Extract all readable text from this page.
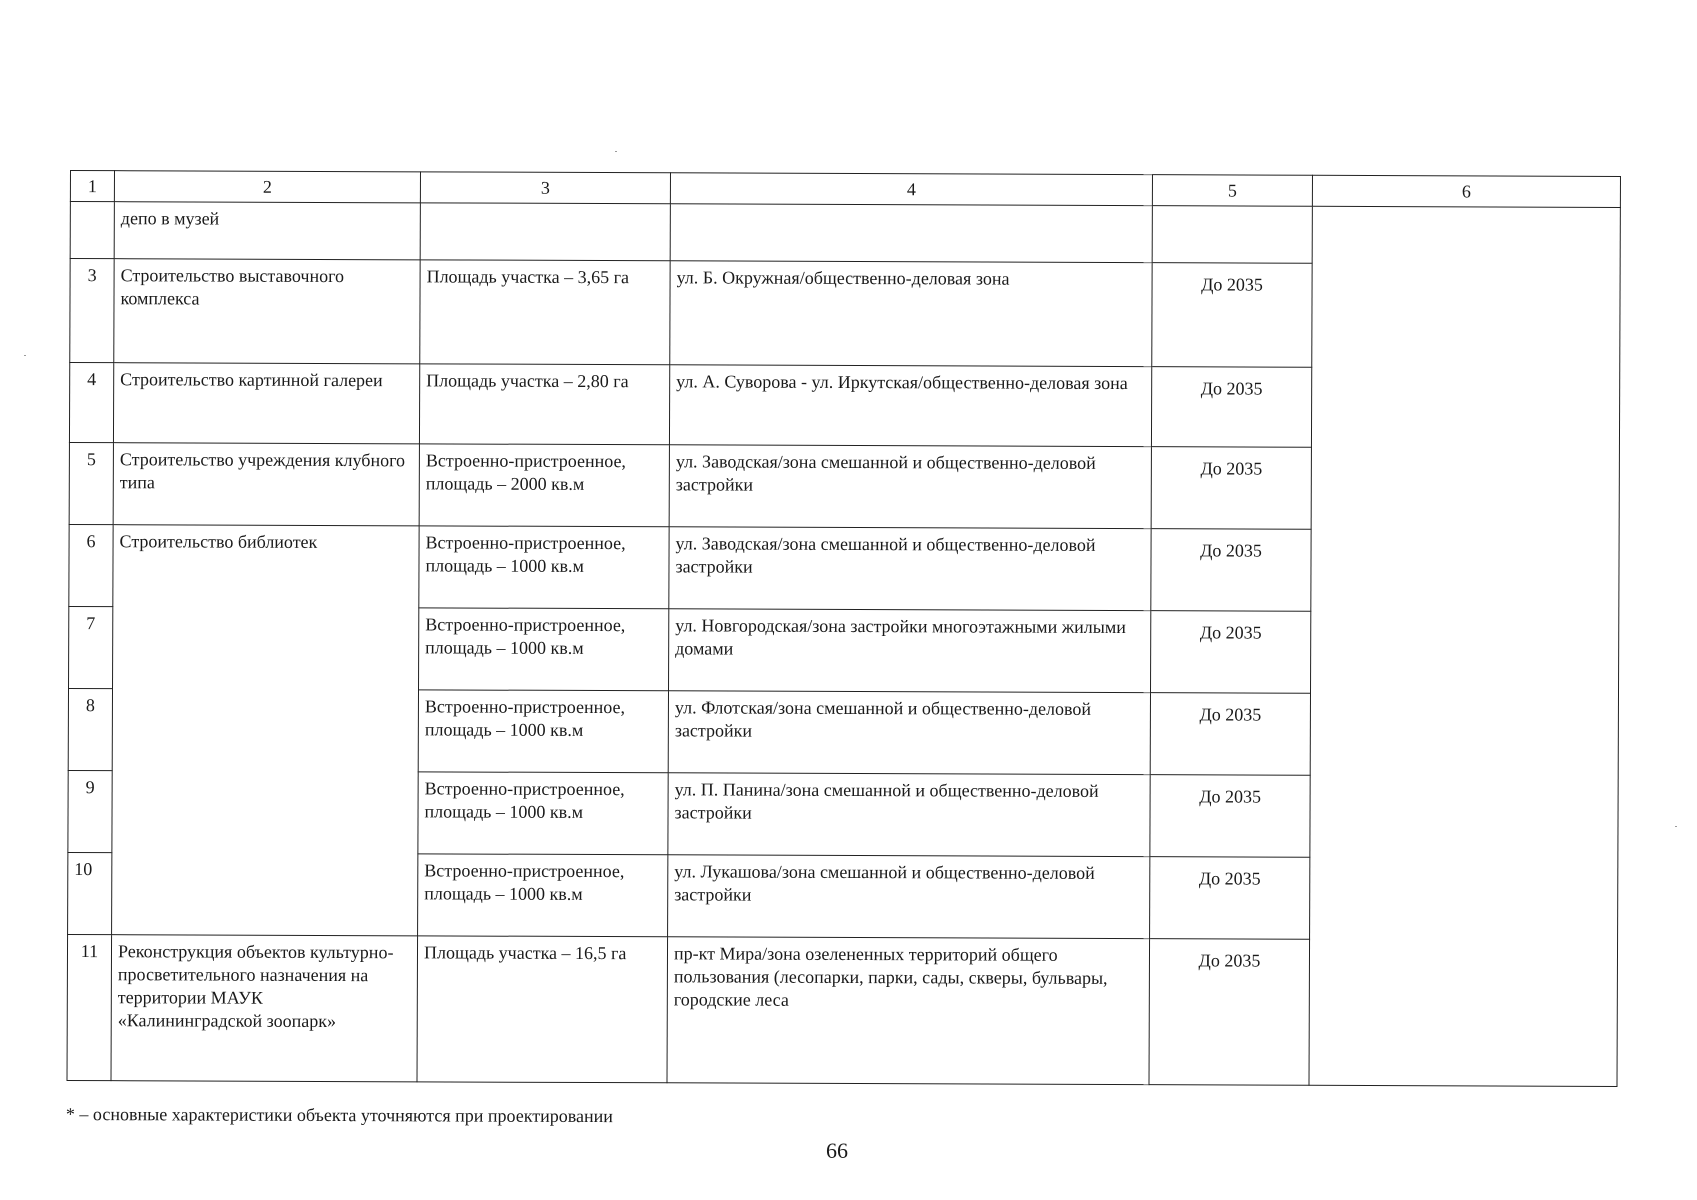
1	2	3	4	5	6
	депо в музей				
3	Строительство выставочного комплекса	Площадь участка – 3,65 га	ул. Б. Окружная/общественно-деловая зона	До 2035	
4	Строительство картинной галереи	Площадь участка – 2,80 га	ул. А. Суворова - ул. Иркутская/общественно-деловая зона	До 2035	
5	Строительство учреждения клубного типа	Встроенно-пристроенное, площадь – 2000 кв.м	ул. Заводская/зона смешанной и общественно-деловой застройки	До 2035	
6	Строительство библиотек	Встроенно-пристроенное, площадь – 1000 кв.м	ул. Заводская/зона смешанной и общественно-деловой застройки	До 2035	
7		Встроенно-пристроенное, площадь – 1000 кв.м	ул. Новгородская/зона застройки многоэтажными жилыми домами	До 2035	
8		Встроенно-пристроенное, площадь – 1000 кв.м	ул. Флотская/зона смешанной и общественно-деловой застройки	До 2035	
9		Встроенно-пристроенное, площадь – 1000 кв.м	ул. П. Панина/зона смешанной и общественно-деловой застройки	До 2035	
10		Встроенно-пристроенное, площадь – 1000 кв.м	ул. Лукашова/зона смешанной и общественно-деловой застройки	До 2035	
11	Реконструкция объектов культурно-просветительного назначения на территории МАУК «Калининградской зоопарк»	Площадь участка – 16,5 га	пр-кт Мира/зона озелененных территорий общего пользования (лесопарки, парки, сады, скверы, бульвары, городские леса	До 2035	
* – основные характеристики объекта уточняются при проектировании
66
